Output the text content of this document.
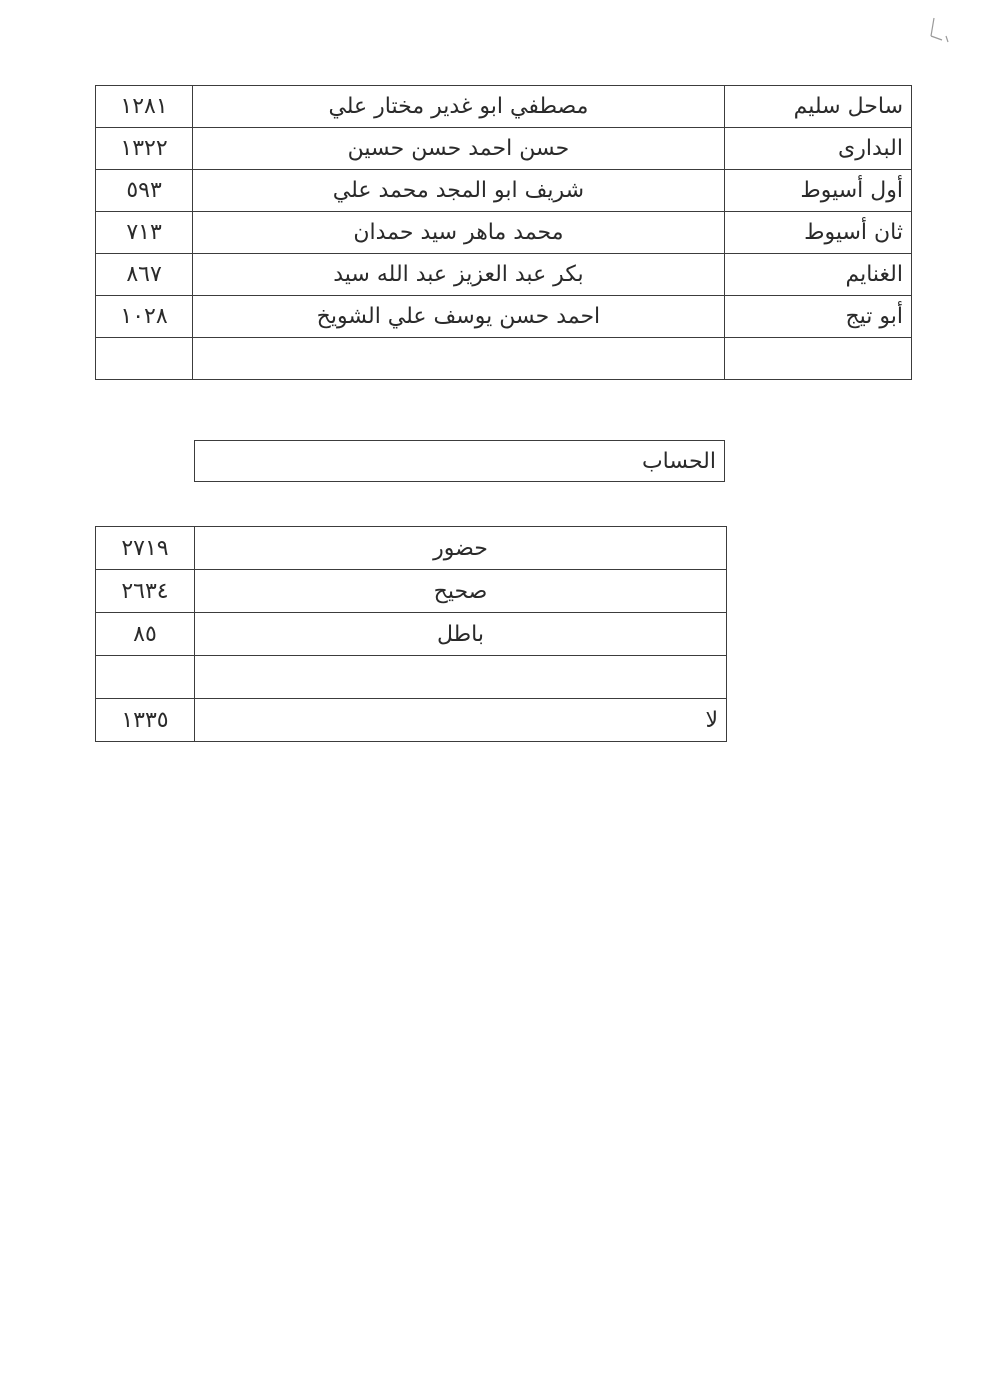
١٢٨١	مصطفي ابو غدير مختار علي	ساحل سليم
١٣٢٢	حسن احمد حسن حسين	البدارى
٥٩٣	شريف ابو المجد محمد علي	أول أسيوط
٧١٣	محمد ماهر سيد حمدان	ثان أسيوط
٨٦٧	بكر عبد العزيز عبد الله سيد	الغنايم
١٠٢٨	احمد حسن يوسف علي الشويخ	أبو تيج

الحساب
٢٧١٩	حضور
٢٦٣٤	صحيح
٨٥	باطل

١٣٣٥	لا
